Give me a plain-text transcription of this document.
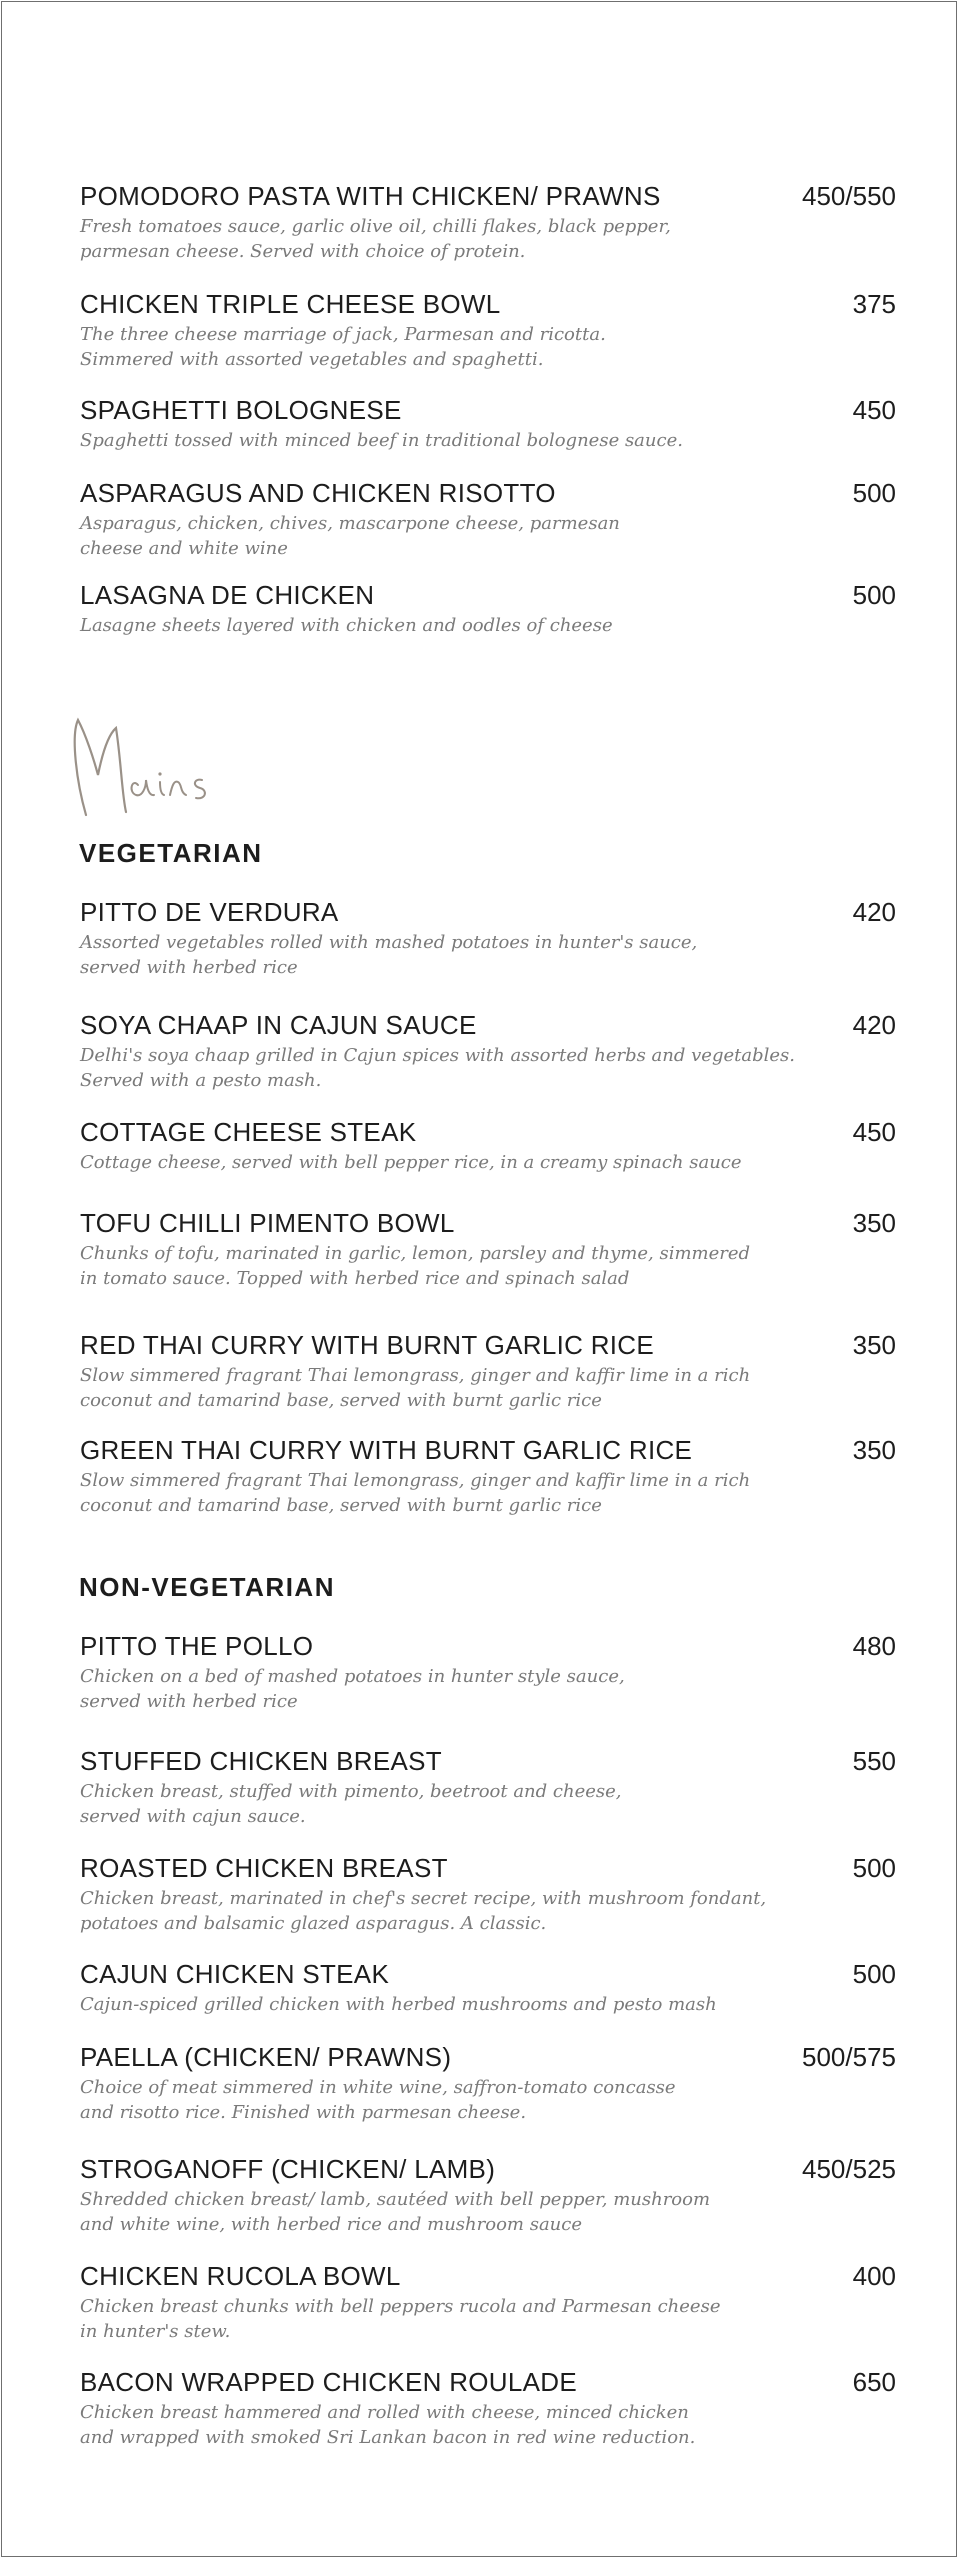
POMODORO PASTA WITH CHICKEN/ PRAWNS	450/550
Fresh tomatoes sauce, garlic olive oil, chilli flakes, black pepper,
parmesan cheese. Served with choice of protein.
CHICKEN TRIPLE CHEESE BOWL	375
The three cheese marriage of jack, Parmesan and ricotta.
Simmered with assorted vegetables and spaghetti.
SPAGHETTI BOLOGNESE	450
Spaghetti tossed with minced beef in traditional bolognese sauce.
ASPARAGUS AND CHICKEN RISOTTO	500
Asparagus, chicken, chives, mascarpone cheese, parmesan
cheese and white wine
LASAGNA DE CHICKEN	500
Lasagne sheets layered with chicken and oodles of cheese
VEGETARIAN
PITTO DE VERDURA	420
Assorted vegetables rolled with mashed potatoes in hunter's sauce,
served with herbed rice
SOYA CHAAP IN CAJUN SAUCE	420
Delhi's soya chaap grilled in Cajun spices with assorted herbs and vegetables.
Served with a pesto mash.
COTTAGE CHEESE STEAK	450
Cottage cheese, served with bell pepper rice, in a creamy spinach sauce
TOFU CHILLI PIMENTO BOWL	350
Chunks of tofu, marinated in garlic, lemon, parsley and thyme, simmered
in tomato sauce. Topped with herbed rice and spinach salad
RED THAI CURRY WITH BURNT GARLIC RICE	350
Slow simmered fragrant Thai lemongrass, ginger and kaffir lime in a rich
coconut and tamarind base, served with burnt garlic rice
GREEN THAI CURRY WITH BURNT GARLIC RICE	350
Slow simmered fragrant Thai lemongrass, ginger and kaffir lime in a rich
coconut and tamarind base, served with burnt garlic rice
NON-VEGETARIAN
PITTO THE POLLO	480
Chicken on a bed of mashed potatoes in hunter style sauce,
served with herbed rice
STUFFED CHICKEN BREAST	550
Chicken breast, stuffed with pimento, beetroot and cheese,
served with cajun sauce.
ROASTED CHICKEN BREAST	500
Chicken breast, marinated in chef's secret recipe, with mushroom fondant,
potatoes and balsamic glazed asparagus. A classic.
CAJUN CHICKEN STEAK	500
Cajun-spiced grilled chicken with herbed mushrooms and pesto mash
PAELLA (CHICKEN/ PRAWNS)	500/575
Choice of meat simmered in white wine, saffron-tomato concasse
and risotto rice. Finished with parmesan cheese.
STROGANOFF (CHICKEN/ LAMB)	450/525
Shredded chicken breast/ lamb, sautéed with bell pepper, mushroom
and white wine, with herbed rice and mushroom sauce
CHICKEN RUCOLA BOWL	400
Chicken breast chunks with bell peppers rucola and Parmesan cheese
in hunter's stew.
BACON WRAPPED CHICKEN ROULADE	650
Chicken breast hammered and rolled with cheese, minced chicken
and wrapped with smoked Sri Lankan bacon in red wine reduction.
